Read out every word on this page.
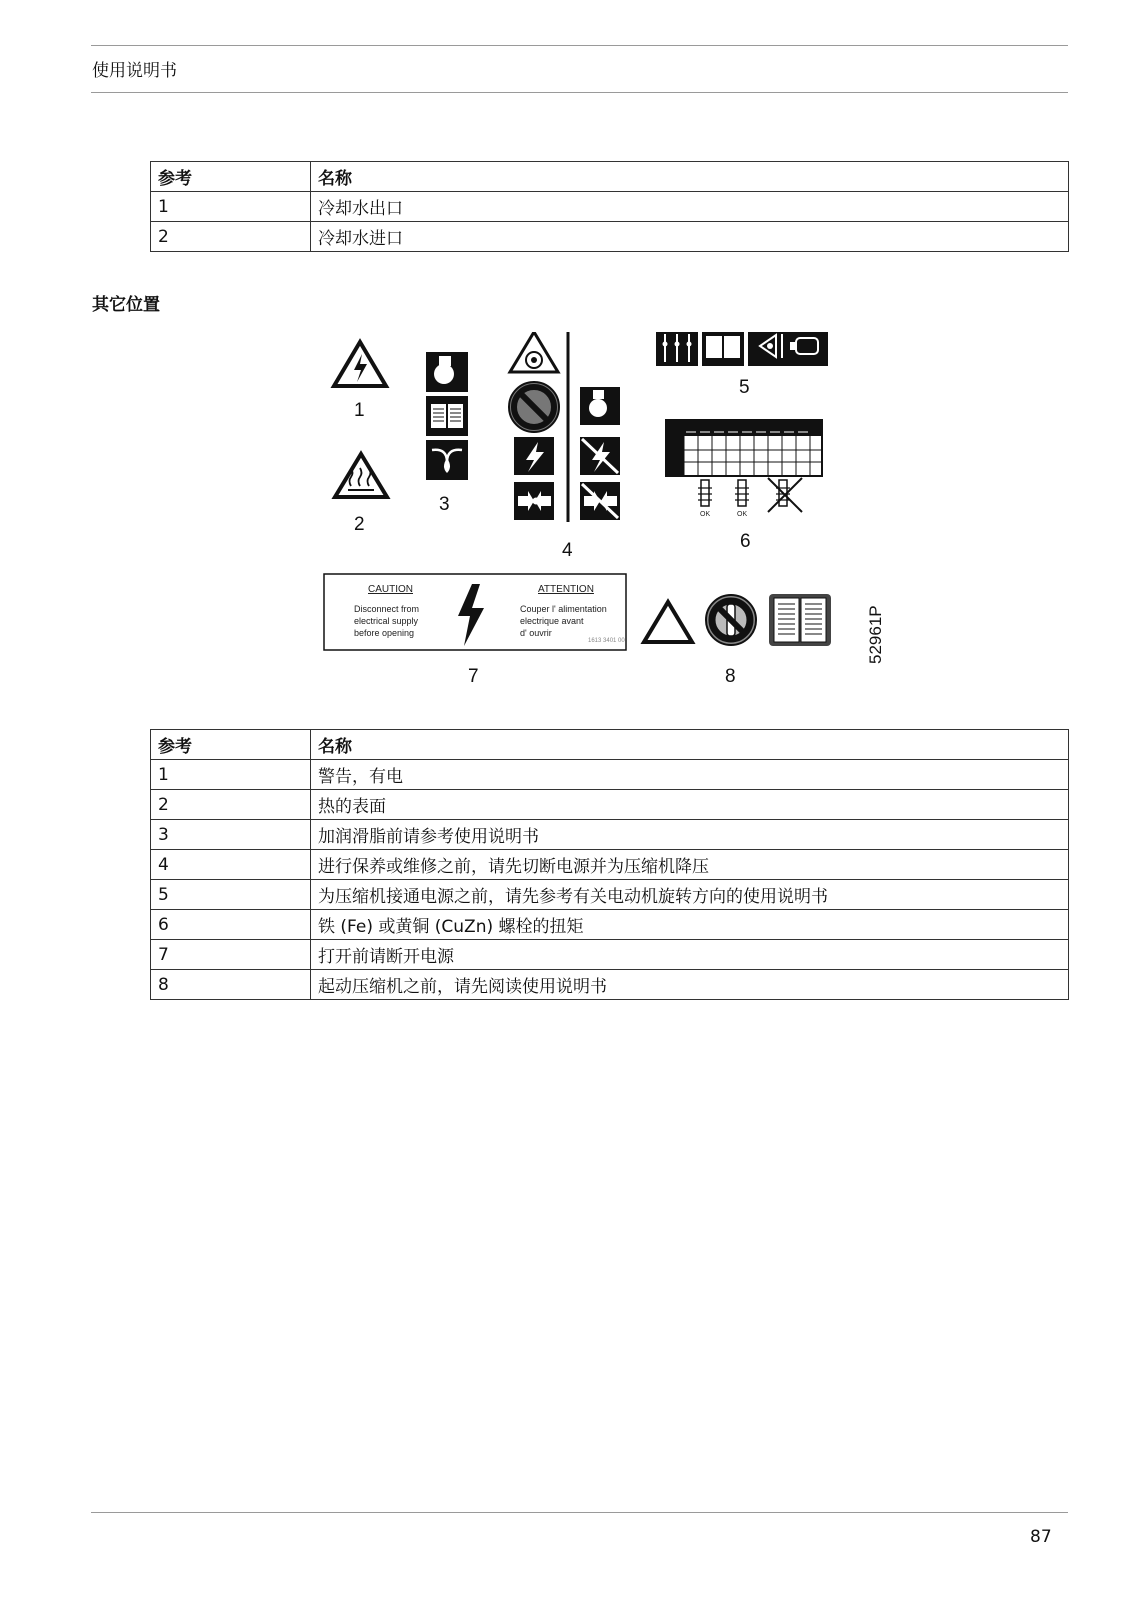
使用说明书
参考	名称
1	冷却水出口
2	冷却水进口
其它位置
1
2
3
4
5
6
7	8
CAUTION
Disconnect from
electrical supply
before opening
ATTENTION
Couper l' alimentation
electrique avant
d' ouvrir
1613 3401 00
OK	OK
52961P
参考	名称
1	警告，有电
2	热的表面
3	加润滑脂前请参考使用说明书
4	进行保养或维修之前，请先切断电源并为压缩机降压
5	为压缩机接通电源之前，请先参考有关电动机旋转方向的使用说明书
6	铁 (Fe) 或黄铜 (CuZn) 螺栓的扭矩
7	打开前请断开电源
8	起动压缩机之前，请先阅读使用说明书
87
